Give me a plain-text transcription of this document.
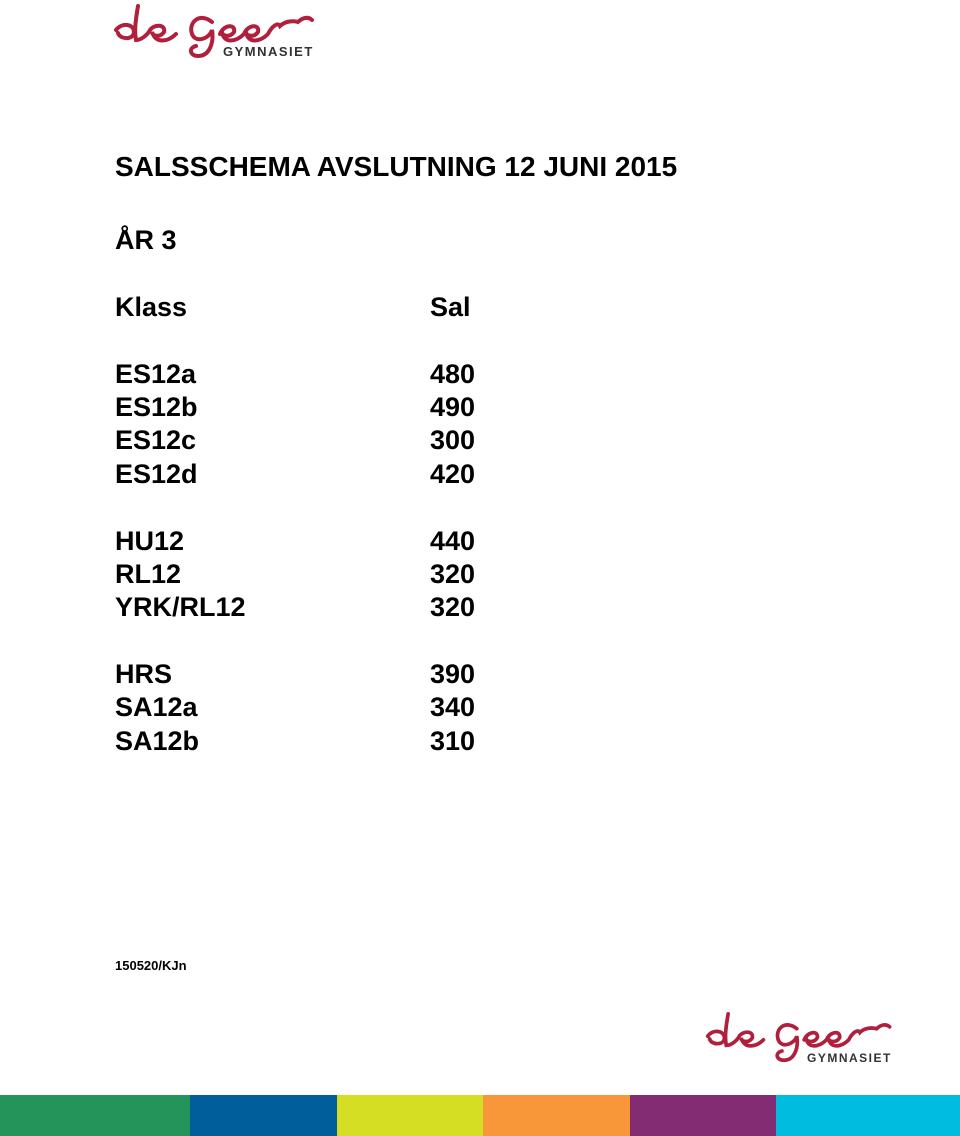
GYMNASIET
SALSSCHEMA AVSLUTNING 12 JUNI 2015
ÅR 3
Klass	Sal
ES12a	480
ES12b	490
ES12c	300
ES12d	420
HU12	440
RL12	320
YRK/RL12	320
HRS	390
SA12a	340
SA12b	310
150520/KJn
GYMNASIET
